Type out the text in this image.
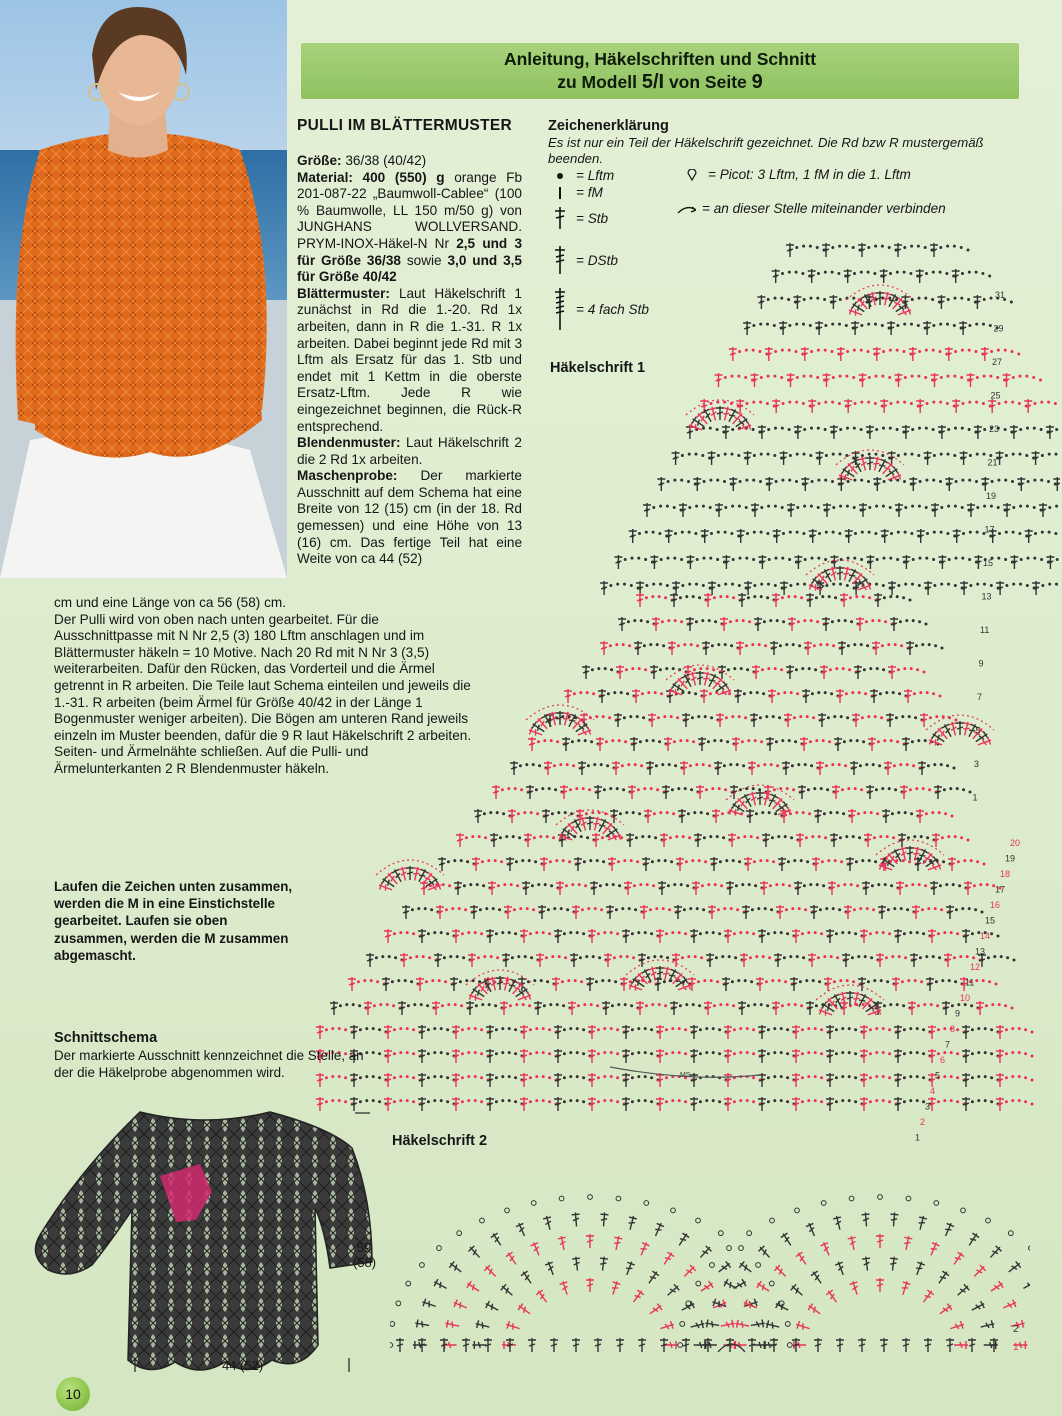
Anleitung, Häkelschriften und Schnitt
zu Modell 5/I von Seite 9
PULLI IM BLÄTTERMUSTER

Größe: 36/38 (40/42)

Material: 400 (550) g orange Fb 201-087-22 „Baumwoll-Cablee“ (100 % Baumwolle, LL 150 m/50 g) von JUNGHANS WOLLVERSAND. PRYM-INOX-Häkel-N Nr 2,5 und 3 für Größe 36/38 sowie 3,0 und 3,5 für Größe 40/42

Blättermuster: Laut Häkelschrift 1 zunächst in Rd die 1.-20. Rd 1x arbeiten, dann in R die 1.-31. R 1x arbeiten. Dabei beginnt jede Rd mit 3 Lftm als Ersatz für das 1. Stb und endet mit 1 Kettm in die oberste Ersatz-Lftm. Jede R wie eingezeichnet beginnen, die Rück-R entsprechend.

Blendenmuster: Laut Häkelschrift 2 die 2 Rd 1x arbeiten.

Maschenprobe: Der markierte Ausschnitt auf dem Schema hat eine Breite von 12 (15) cm (in der 18. Rd gemessen) und eine Höhe von 13 (16) cm. Das fertige Teil hat eine Weite von ca 44 (52)

cm und eine Länge von ca 56 (58) cm.

Der Pulli wird von oben nach unten gearbeitet. Für die Ausschnittpasse mit N Nr 2,5 (3) 180 Lftm anschlagen und im Blättermuster häkeln = 10 Motive. Nach 20 Rd mit N Nr 3 (3,5) weiterarbeiten. Dafür den Rücken, das Vorderteil und die Ärmel getrennt in R arbeiten. Die Teile laut Schema einteilen und jeweils die 1.-31. R arbeiten (beim Ärmel für Größe 40/42 in der Länge 1 Bogenmuster weniger arbeiten). Die Bögen am unteren Rand jeweils einzeln im Muster beenden, dafür die 9 R laut Häkelschrift 2 arbeiten. Seiten- und Ärmelnähte schließen. Auf die Pulli- und Ärmelunterkanten 2 R Blendenmuster häkeln.

Laufen die Zeichen unten zusammen, werden die M in eine Einstichstelle gearbeitet. Laufen sie oben zusammen, werden die M zusammen abgemascht.
Zeichenerklärung
Es ist nur ein Teil der Häkelschrift gezeichnet. Die Rd bzw R mustergemäß beenden.
= Lftm
= fM
= Stb
= DStb
= 4 fach Stb
= Picot: 3 Lftm, 1 fM in die 1. Lftm
= an dieser Stelle miteinander verbinden
Häkelschrift 1
Häkelschrift 2
MS
31
29
27
25
23
21
19
17
15
13
11
9
7
5
3
1
20
19
18
17
16
15
14
13
12
11
10
9
8
7
6
5
4
3
2
1
2
1
Schnittschema
Der markierte Ausschnitt kennzeichnet die Stelle, an der die Häkelprobe abgenommen wird.
59
(58)
44 (52)
10
